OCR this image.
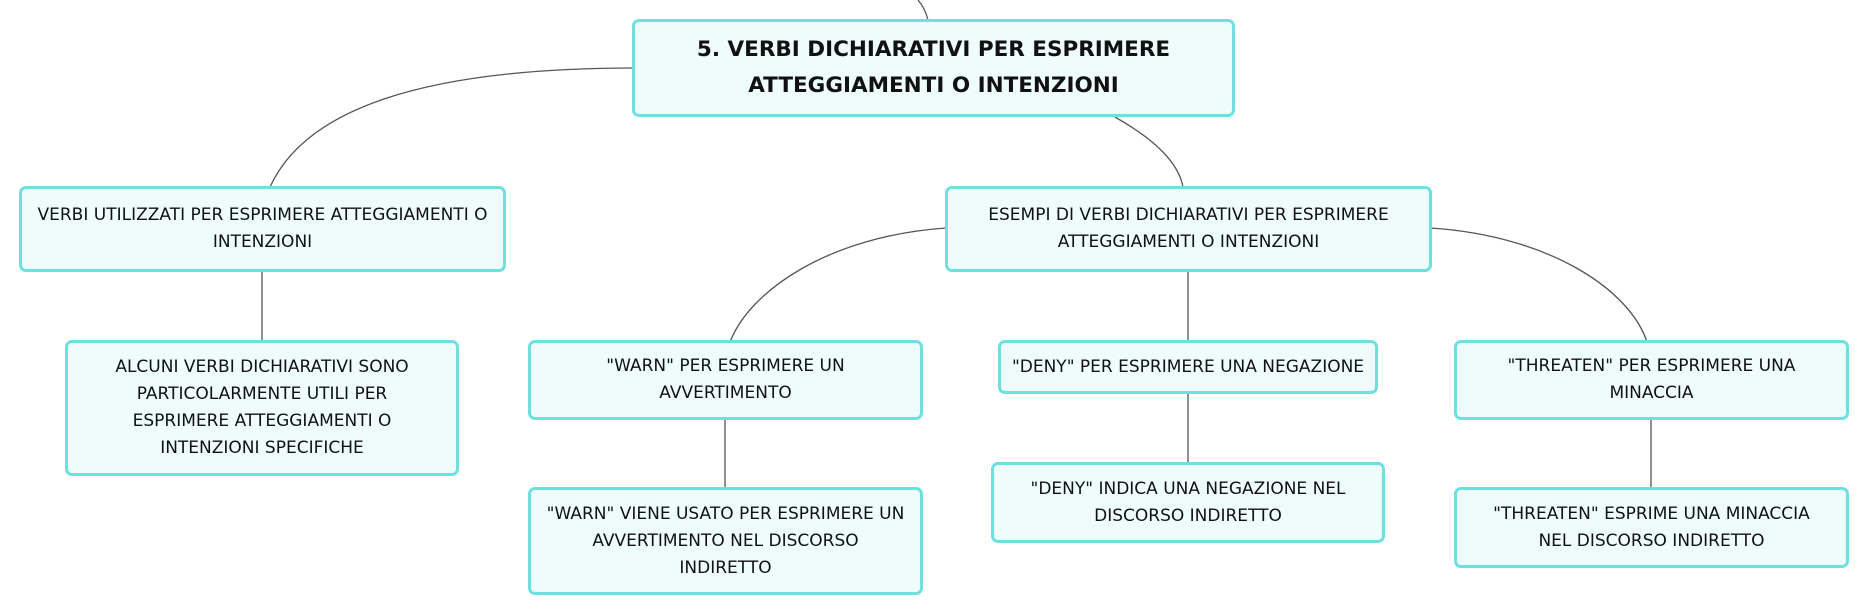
5. VERBI DICHIARATIVI PER ESPRIMERE ATTEGGIAMENTI O INTENZIONI
VERBI UTILIZZATI PER ESPRIMERE ATTEGGIAMENTI O INTENZIONI
ALCUNI VERBI DICHIARATIVI SONO PARTICOLARMENTE UTILI PER ESPRIMERE ATTEGGIAMENTI O INTENZIONI SPECIFICHE
ESEMPI DI VERBI DICHIARATIVI PER ESPRIMERE ATTEGGIAMENTI O INTENZIONI
"WARN" PER ESPRIMERE UN AVVERTIMENTO
"WARN" VIENE USATO PER ESPRIMERE UN AVVERTIMENTO NEL DISCORSO INDIRETTO
"DENY" PER ESPRIMERE UNA NEGAZIONE
"DENY" INDICA UNA NEGAZIONE NEL DISCORSO INDIRETTO
"THREATEN" PER ESPRIMERE UNA MINACCIA
"THREATEN" ESPRIME UNA MINACCIA NEL DISCORSO INDIRETTO
